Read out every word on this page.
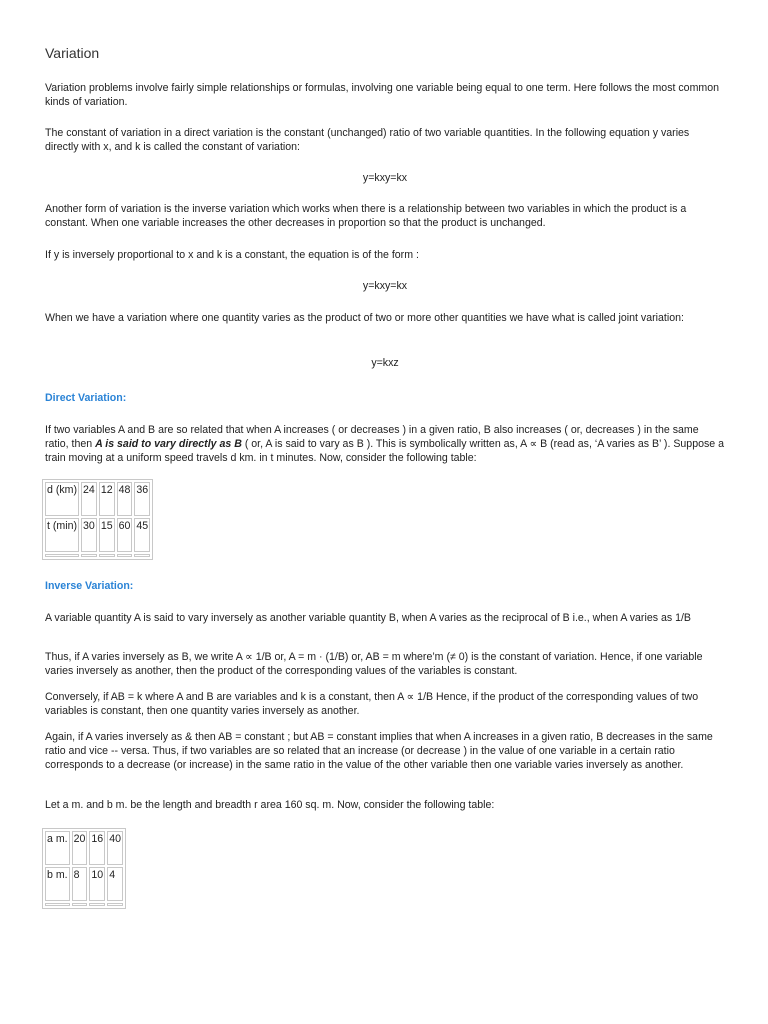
Variation

Variation problems involve fairly simple relationships or formulas, involving one variable being equal to one term. Here follows the most common kinds of variation.

The constant of variation in a direct variation is the constant (unchanged) ratio of two variable quantities. In the following equation y varies directly with x, and k is called the constant of variation:

y=kxy=kx

Another form of variation is the inverse variation which works when there is a relationship between two variables in which the product is a constant. When one variable increases the other decreases in proportion so that the product is unchanged.

If y is inversely proportional to x and k is a constant, the equation is of the form :

y=kxy=kx

When we have a variation where one quantity varies as the product of two or more other quantities we have what is called joint variation:

y=kxz

Direct Variation:

If two variables A and B are so related that when A increases ( or decreases ) in a given ratio, B also increases ( or, decreases ) in the same ratio, then A is said to vary directly as B ( or, A is said to vary as B ). This is symbolically written as, A ∝ B (read as, ‘A varies as B’ ). Suppose a train moving at a uniform speed travels d km. in t minutes. Now, consider the following table:

d (km)	24	12	48	36
t (min)	30	15	60	45

Inverse Variation:

A variable quantity A is said to vary inversely as another variable quantity B, when A varies as the reciprocal of B i.e., when A varies as 1/B

Thus, if A varies inversely as B, we write A ∝ 1/B or, A = m · (1/B) or, AB = m where’m (≠ 0) is the constant of variation. Hence, if one variable varies inversely as another, then the product of the corresponding values of the variables is constant.

Conversely, if AB = k where A and B are variables and k is a constant, then A ∝ 1/B Hence, if the product of the corresponding values of two variables is constant, then one quantity varies inversely as another.

Again, if A varies inversely as & then AB = constant ; but AB = constant implies that when A increases in a given ratio, B decreases in the same ratio and vice -- versa. Thus, if two variables are so related that an increase (or decrease ) in the value of one variable in a certain ratio corresponds to a decrease (or increase) in the same ratio in the value of the other variable then one variable varies inversely as another.

Let a m. and b m. be the length and breadth r area 160 sq. m. Now, consider the following table:

a m.	20	16	40
b m.	8	10	4
